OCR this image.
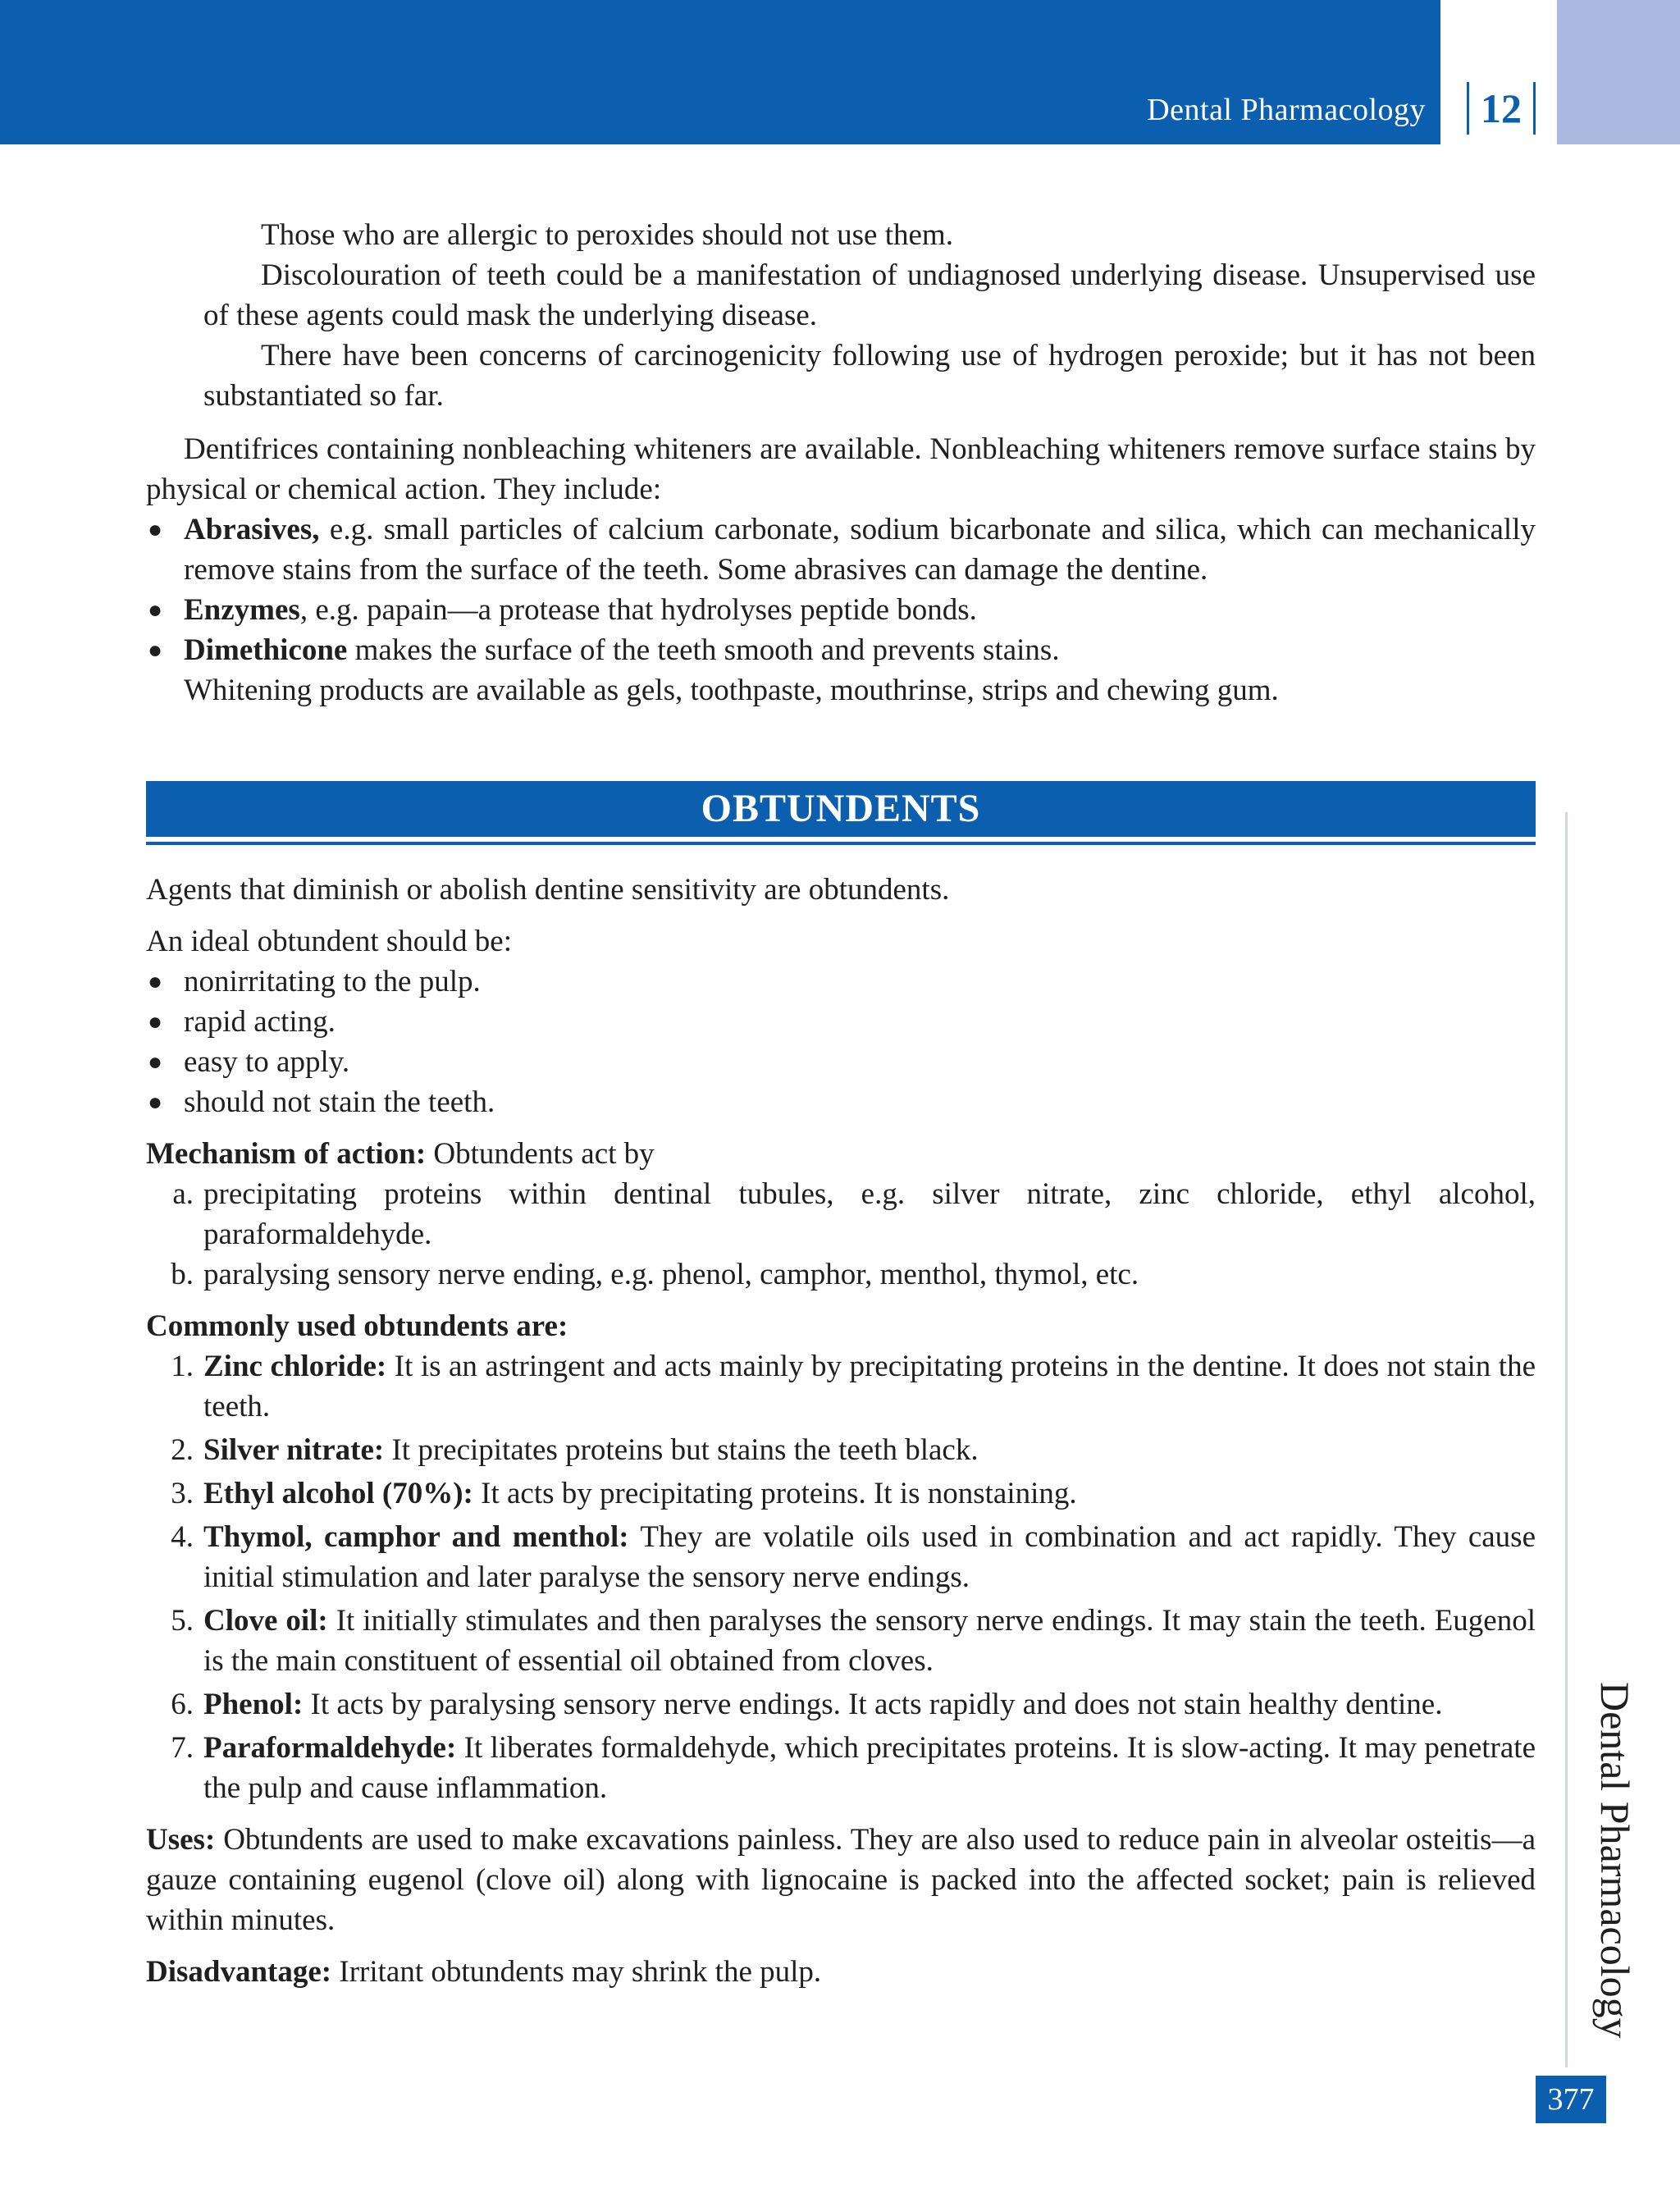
Dental Pharmacology	12

Those who are allergic to peroxides should not use them.

Discolouration of teeth could be a manifestation of undiagnosed underlying disease. Unsupervised use of these agents could mask the underlying disease.

There have been concerns of carcinogenicity following use of hydrogen peroxide; but it has not been substantiated so far.

Dentifrices containing nonbleaching whiteners are available. Nonbleaching whiteners remove surface stains by physical or chemical action. They include:

● Abrasives, e.g. small particles of calcium carbonate, sodium bicarbonate and silica, which can mechanically remove stains from the surface of the teeth. Some abrasives can damage the dentine.
● Enzymes, e.g. papain—a protease that hydrolyses peptide bonds.
● Dimethicone makes the surface of the teeth smooth and prevents stains.

Whitening products are available as gels, toothpaste, mouthrinse, strips and chewing gum.

OBTUNDENTS

Agents that diminish or abolish dentine sensitivity are obtundents.

An ideal obtundent should be:

● nonirritating to the pulp.
● rapid acting.
● easy to apply.
● should not stain the teeth.

Mechanism of action: Obtundents act by

a. precipitating proteins within dentinal tubules, e.g. silver nitrate, zinc chloride, ethyl alcohol, paraformaldehyde.
b. paralysing sensory nerve ending, e.g. phenol, camphor, menthol, thymol, etc.

Commonly used obtundents are:

1. Zinc chloride: It is an astringent and acts mainly by precipitating proteins in the dentine. It does not stain the teeth.
2. Silver nitrate: It precipitates proteins but stains the teeth black.
3. Ethyl alcohol (70%): It acts by precipitating proteins. It is nonstaining.
4. Thymol, camphor and menthol: They are volatile oils used in combination and act rapidly. They cause initial stimulation and later paralyse the sensory nerve endings.
5. Clove oil: It initially stimulates and then paralyses the sensory nerve endings. It may stain the teeth. Eugenol is the main constituent of essential oil obtained from cloves.
6. Phenol: It acts by paralysing sensory nerve endings. It acts rapidly and does not stain healthy dentine.
7. Paraformaldehyde: It liberates formaldehyde, which precipitates proteins. It is slow-acting. It may penetrate the pulp and cause inflammation.

Uses: Obtundents are used to make excavations painless. They are also used to reduce pain in alveolar osteitis—a gauze containing eugenol (clove oil) along with lignocaine is packed into the affected socket; pain is relieved within minutes.

Disadvantage: Irritant obtundents may shrink the pulp.	Dental Pharmacology
377
